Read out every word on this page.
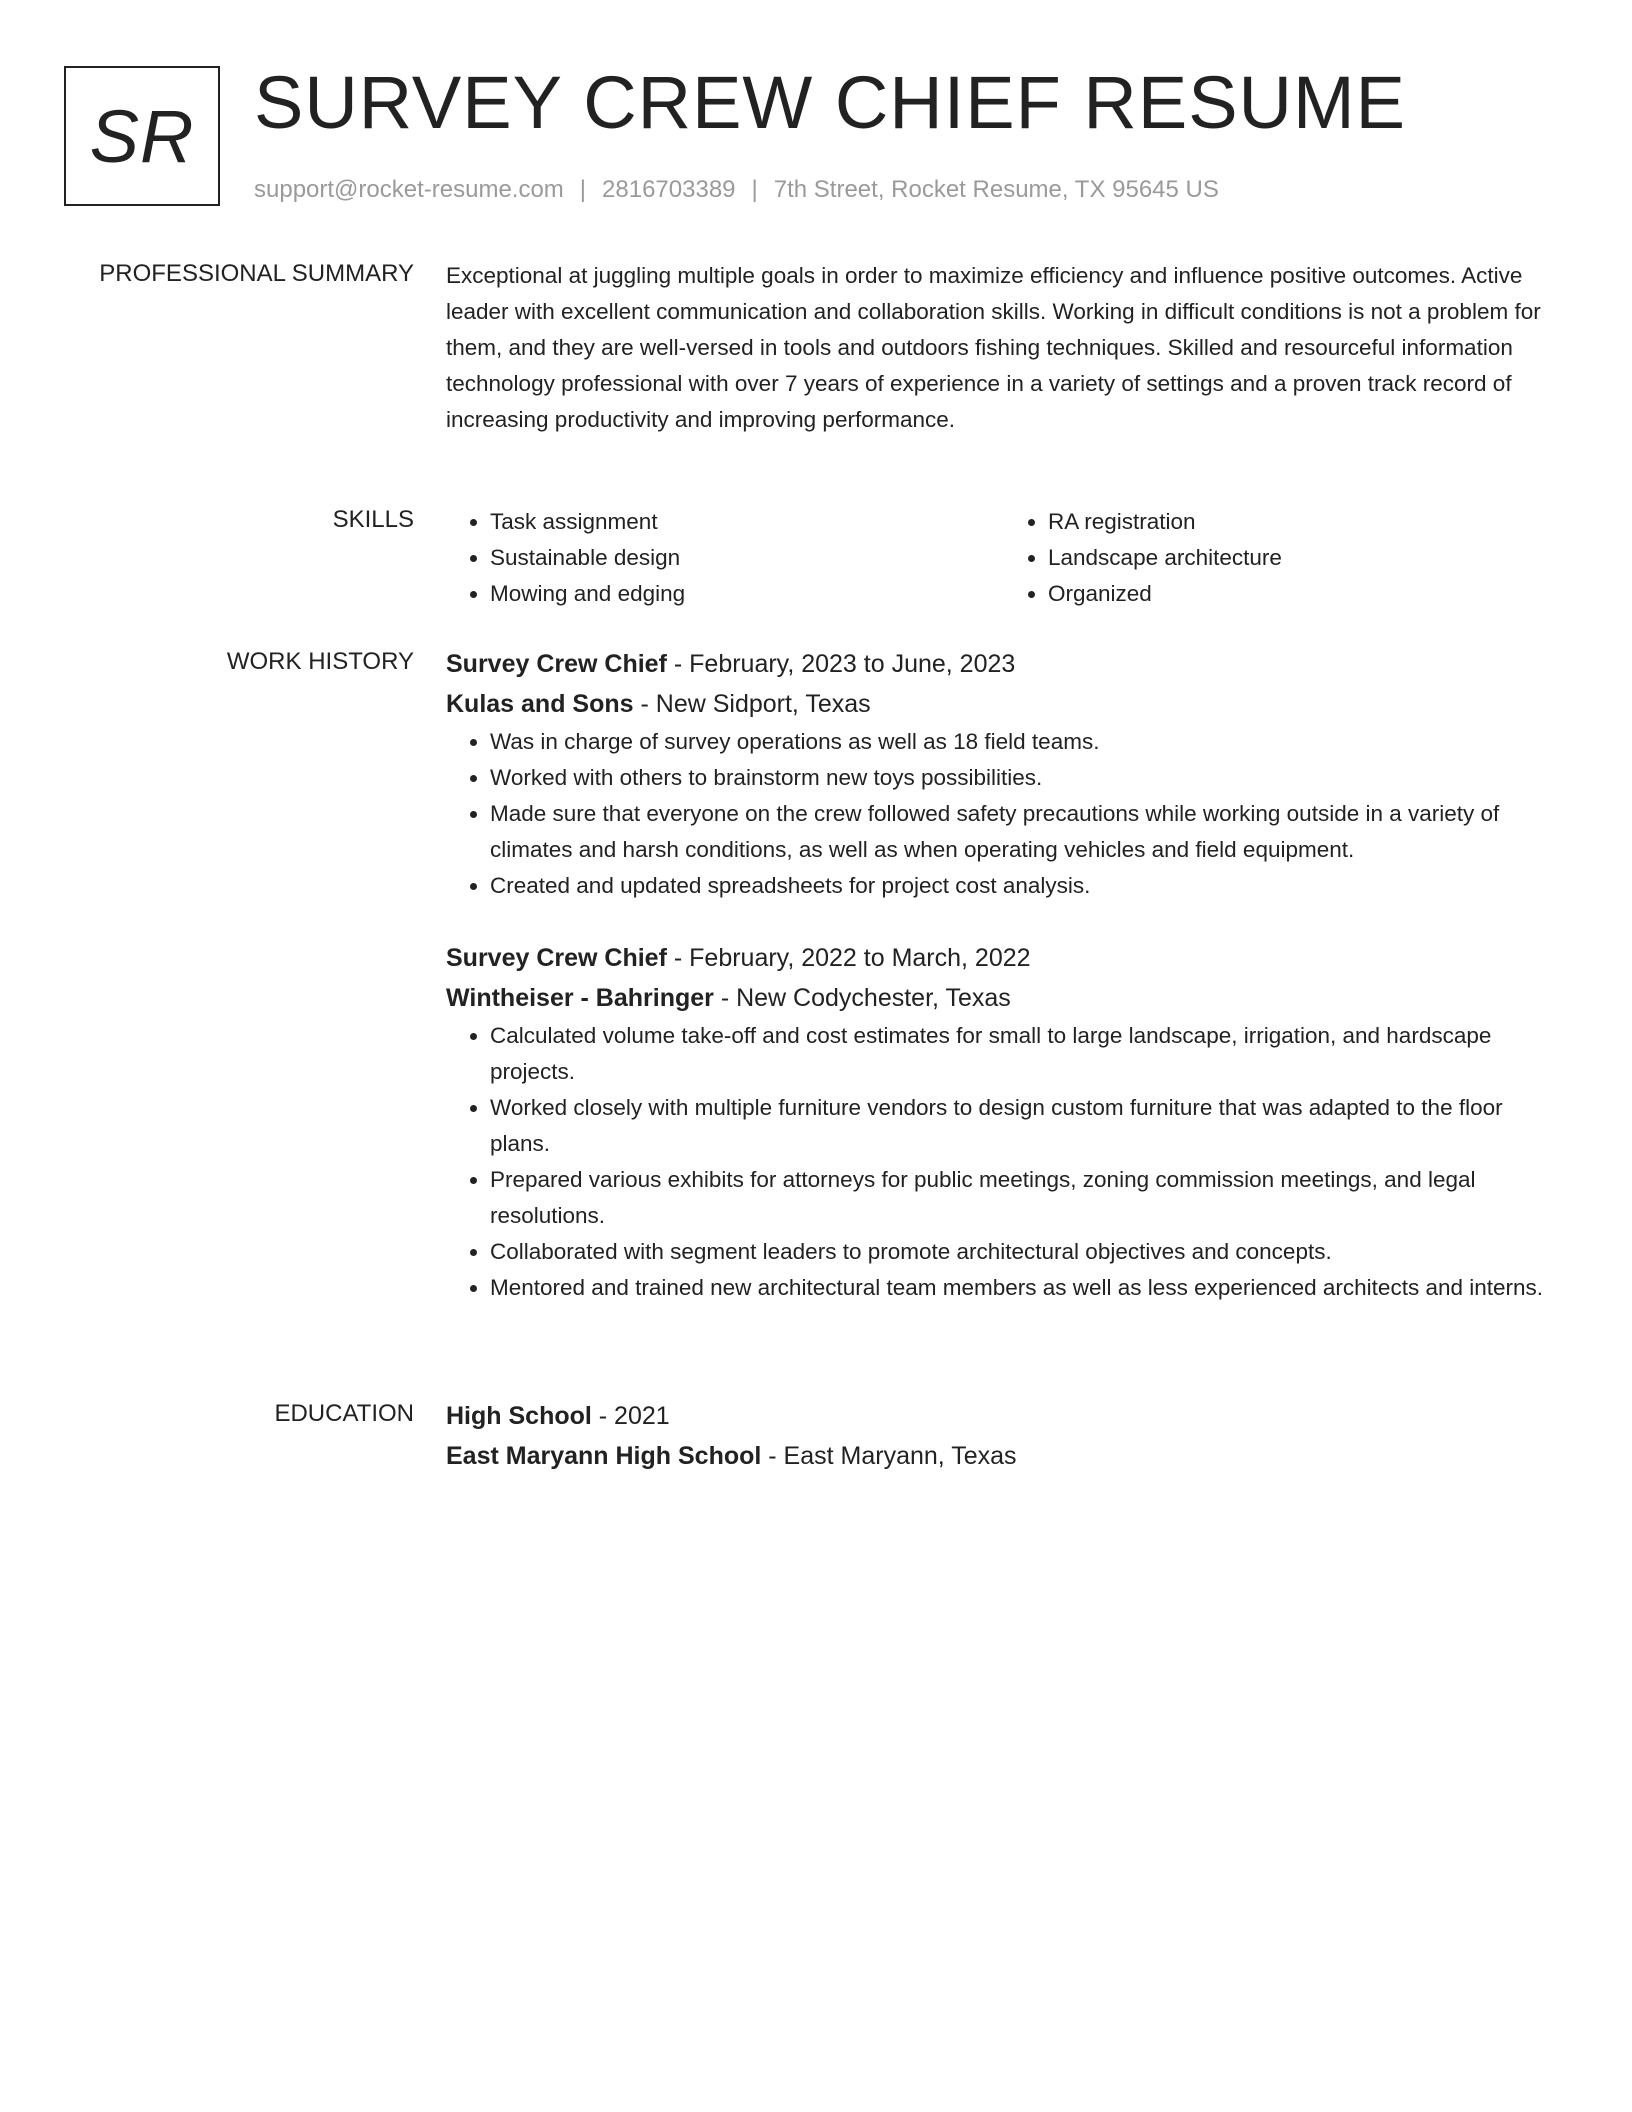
SR SURVEY CREW CHIEF RESUME
support@rocket-resume.com | 2816703389 | 7th Street, Rocket Resume, TX 95645 US
PROFESSIONAL SUMMARY Exceptional at juggling multiple goals in order to maximize efficiency and influence positive outcomes. Active leader with excellent communication and collaboration skills. Working in difficult conditions is not a problem for them, and they are well-versed in tools and outdoors fishing techniques. Skilled and resourceful information technology professional with over 7 years of experience in a variety of settings and a proven track record of increasing productivity and improving performance.

SKILLS
•	Task assignment
• Sustainable design
• Mowing and edging
• RA registration
• Landscape architecture
• Organized
WORK HISTORY Survey Crew Chief - February, 2023 to June, 2023
Kulas and Sons - New Sidport, Texas
• Was in charge of survey operations as well as 18 field teams.
• Worked with others to brainstorm new toys possibilities.
• Made sure that everyone on the crew followed safety precautions while working outside in a variety of climates and harsh conditions, as well as when operating vehicles and field equipment.
• Created and updated spreadsheets for project cost analysis.
Survey Crew Chief - February, 2022 to March, 2022
Wintheiser - Bahringer - New Codychester, Texas
• Calculated volume take-off and cost estimates for small to large landscape, irrigation, and hardscape projects.
• Worked closely with multiple furniture vendors to design custom furniture that was adapted to the floor plans.
• Prepared various exhibits for attorneys for public meetings, zoning commission meetings, and legal resolutions.
• Collaborated with segment leaders to promote architectural objectives and concepts.
• Mentored and trained new architectural team members as well as less experienced architects and interns.
EDUCATION High School - 2021
East Maryann High School - East Maryann, Texas
